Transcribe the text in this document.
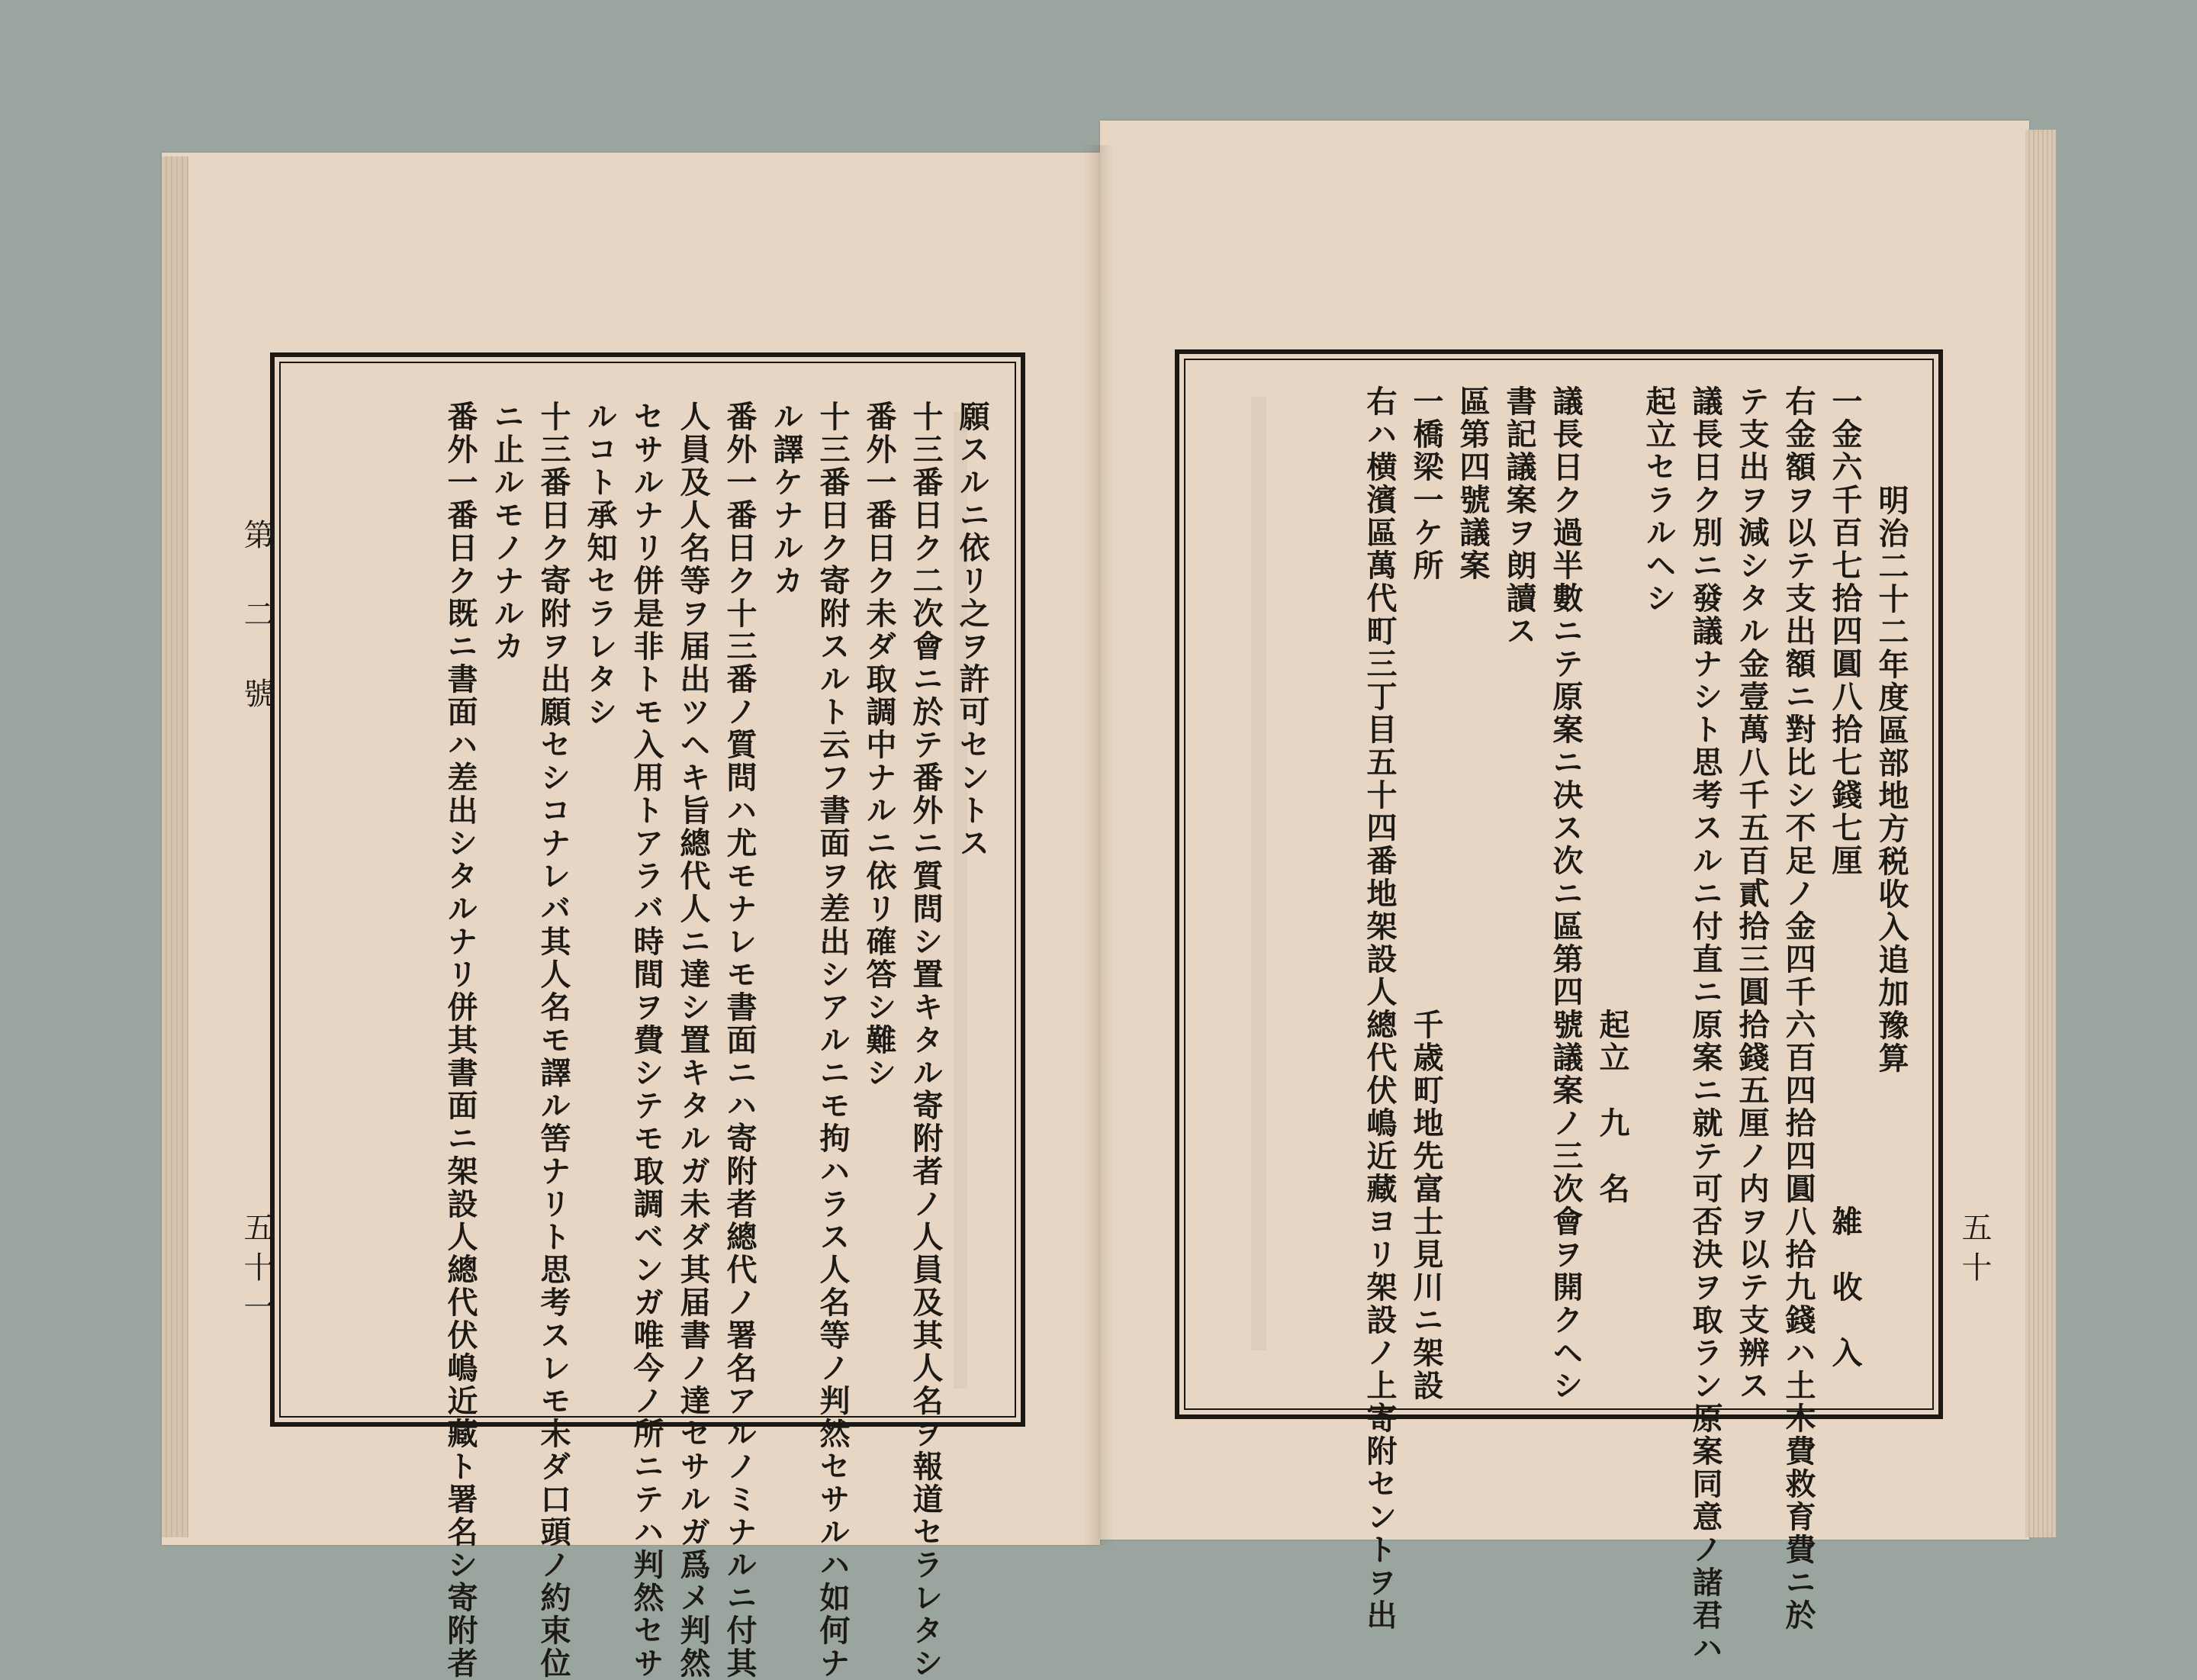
第　二　號
五十一
願スルニ依リ之ヲ許可セントス
十三番日ク二次會ニ於テ番外ニ質問シ置キタル寄附者ノ人員及其人名ヲ報道セラレタシ
番外一番日ク未ダ取調中ナルニ依リ確答シ難シ
十三番日ク寄附スルト云フ書面ヲ差出シアルニモ拘ハラス人名等ノ判然セサルハ如何ナ
ル譯ケナルカ
番外一番日ク十三番ノ質問ハ尤モナレモ書面ニハ寄附者總代ノ署名アルノミナルニ付其
人員及人名等ヲ届出ツヘキ旨總代人ニ達シ置キタルガ未ダ其届書ノ達セサルガ爲メ判然
セサルナリ併是非トモ入用トアラバ時間ヲ費シテモ取調ベンガ唯今ノ所ニテハ判然セサ
ルコト承知セラレタシ
十三番日ク寄附ヲ出願セシコナレバ其人名モ譯ル筈ナリト思考スレモ未ダ口頭ノ約束位
ニ止ルモノナルカ
番外一番日ク既ニ書面ハ差出シタルナリ併其書面ニ架設人總代伏嶋近藏ト署名シ寄附者	五十
明治二十二年度區部地方税收入追加豫算
一金六千百七拾四圓八拾七錢七厘　　　　　　　　　　雑　收　入
右金額ヲ以テ支出額ニ對比シ不足ノ金四千六百四拾四圓八拾九錢ハ土木費救育費ニ於
テ支出ヲ減シタル金壹萬八千五百貳拾三圓拾錢五厘ノ内ヲ以テ支辨ス
議長日ク別ニ發議ナシト思考スルニ付直ニ原案ニ就テ可否決ヲ取ラン原案同意ノ諸君ハ
起立セラルヘシ
　　　　　　　　　　　　　　　　　　　起立　九　名
議長日ク過半數ニテ原案ニ决ス次ニ區第四號議案ノ三次會ヲ開クヘシ
書記議案ヲ朗讀ス
區第四號議案
一橋梁一ケ所　　　　　　　　　　　　　千歳町地先富士見川ニ架設
右ハ横濱區萬代町三丁目五十四番地架設人總代伏嶋近藏ヨリ架設ノ上寄附セントヲ出
